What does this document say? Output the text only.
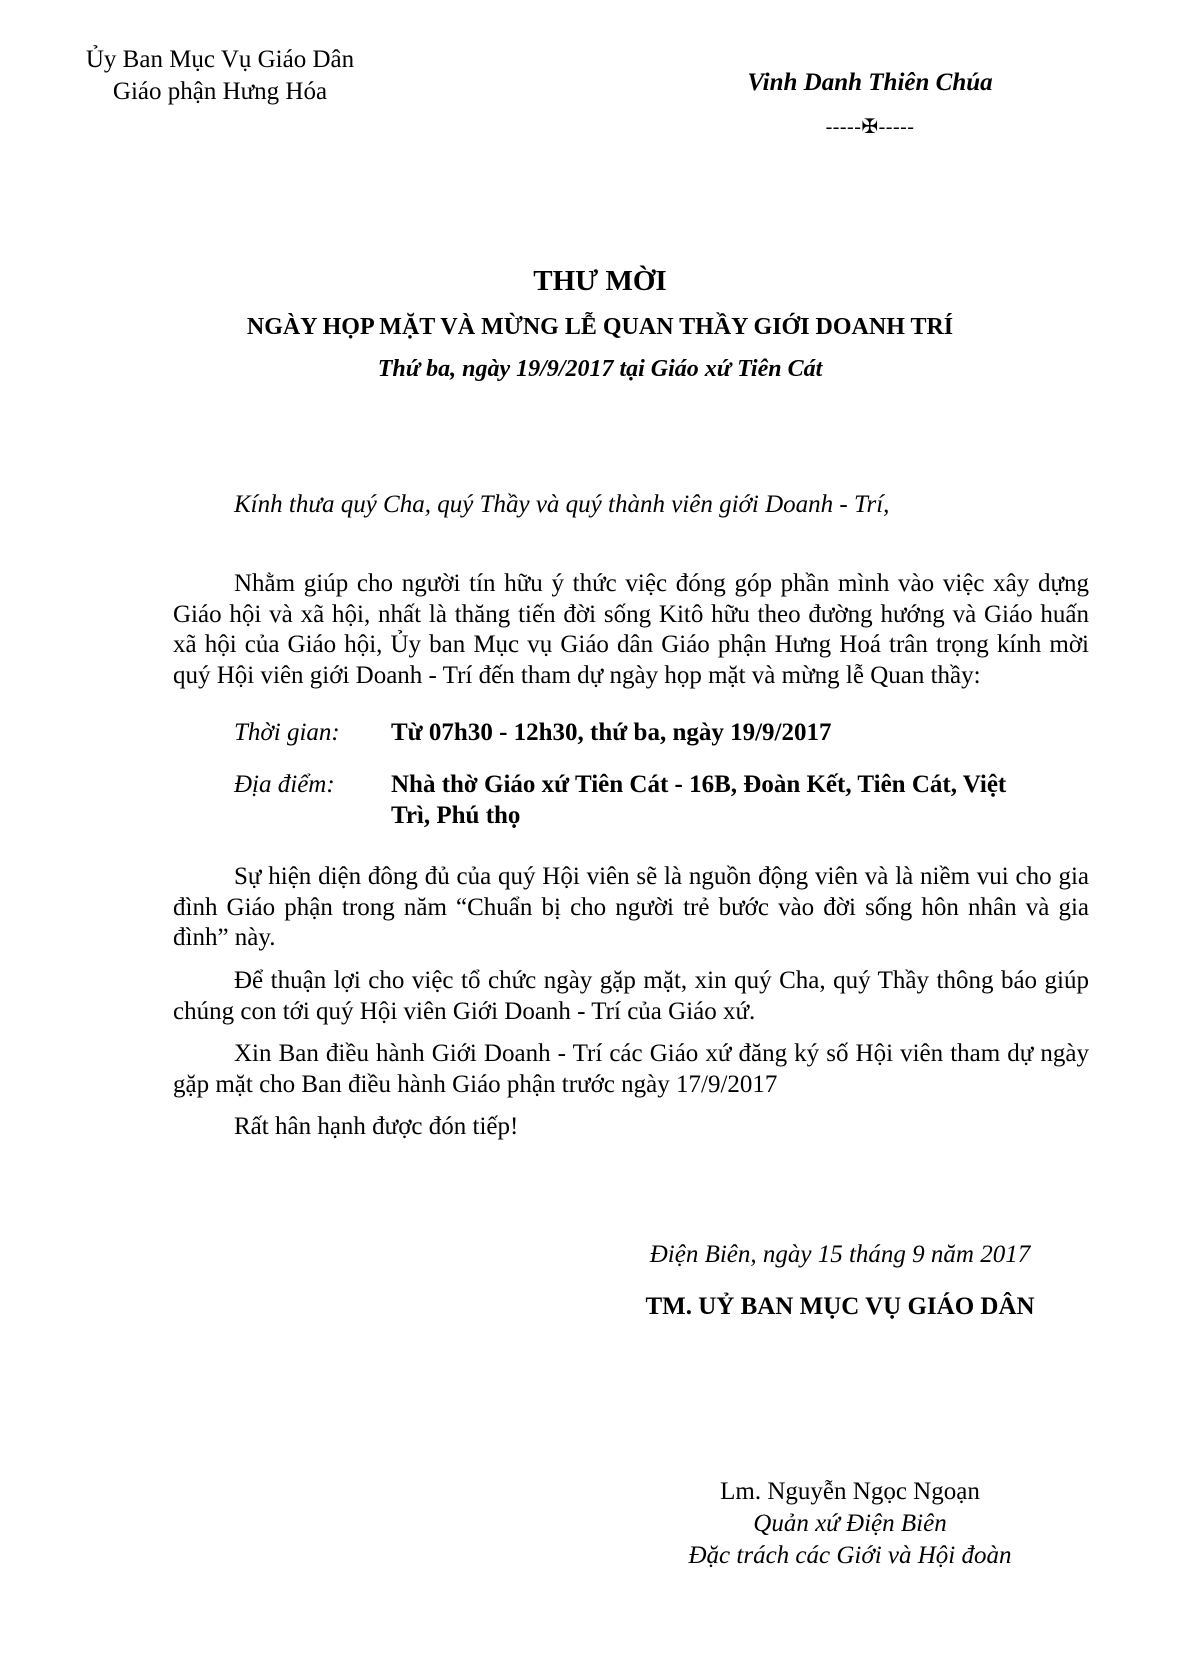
Ủy Ban Mục Vụ Giáo Dân
Giáo phận Hưng Hóa	Vinh Danh Thiên Chúa
-----✠-----
THƯ MỜI
NGÀY HỌP MẶT VÀ MỪNG LỄ QUAN THẦY GIỚI DOANH TRÍ
Thứ ba, ngày 19/9/2017 tại Giáo xứ Tiên Cát
Kính thưa quý Cha, quý Thầy và quý thành viên giới Doanh - Trí,
Nhằm giúp cho người tín hữu ý thức việc đóng góp phần mình vào việc xây dựng Giáo hội và xã hội, nhất là thăng tiến đời sống Kitô hữu theo đường hướng và Giáo huấn xã hội của Giáo hội, Ủy ban Mục vụ Giáo dân Giáo phận Hưng Hoá trân trọng kính mời quý Hội viên giới Doanh - Trí đến tham dự ngày họp mặt và mừng lễ Quan thầy:
Thời gian: Từ 07h30 - 12h30, thứ ba, ngày 19/9/2017
Địa điểm: Nhà thờ Giáo xứ Tiên Cát - 16B, Đoàn Kết, Tiên Cát, Việt Trì, Phú thọ
Sự hiện diện đông đủ của quý Hội viên sẽ là nguồn động viên và là niềm vui cho gia đình Giáo phận trong năm “Chuẩn bị cho người trẻ bước vào đời sống hôn nhân và gia đình” này.
Để thuận lợi cho việc tổ chức ngày gặp mặt, xin quý Cha, quý Thầy thông báo giúp chúng con tới quý Hội viên Giới Doanh - Trí của Giáo xứ.
Xin Ban điều hành Giới Doanh - Trí các Giáo xứ đăng ký số Hội viên tham dự ngày gặp mặt cho Ban điều hành Giáo phận trước ngày 17/9/2017
Rất hân hạnh được đón tiếp!
Điện Biên, ngày 15 tháng 9 năm 2017
TM. UỶ BAN MỤC VỤ GIÁO DÂN
Lm. Nguyễn Ngọc Ngoạn
Quản xứ Điện Biên
Đặc trách các Giới và Hội đoàn
